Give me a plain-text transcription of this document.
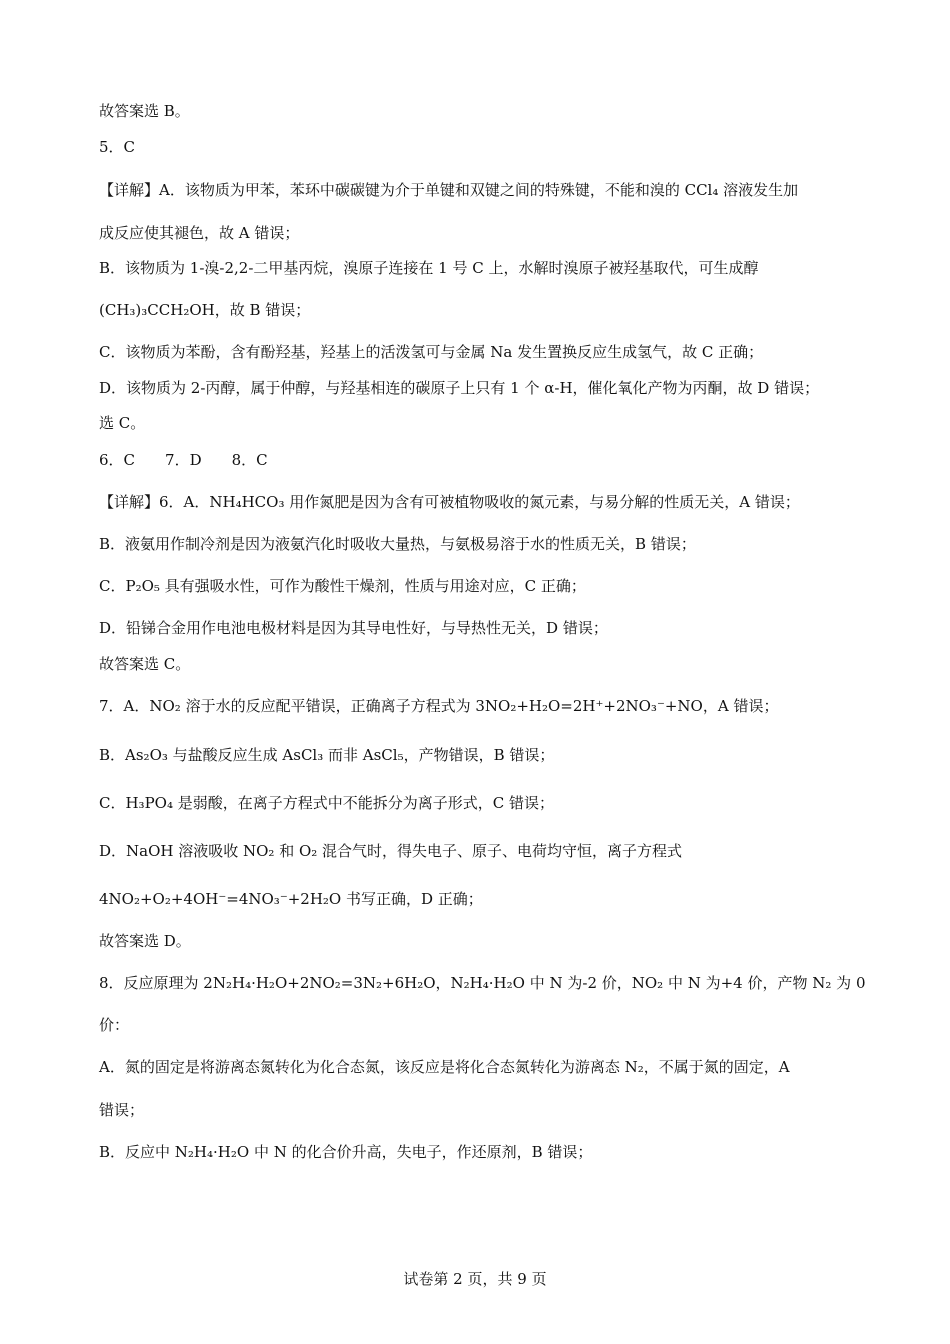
故答案选 B。
5．C
【详解】A．该物质为甲苯，苯环中碳碳键为介于单键和双键之间的特殊键，不能和溴的 CCl₄ 溶液发生加
成反应使其褪色，故 A 错误；
B．该物质为 1-溴-2,2-二甲基丙烷，溴原子连接在 1 号 C 上，水解时溴原子被羟基取代，可生成醇
(CH₃)₃CCH₂OH，故 B 错误；
C．该物质为苯酚，含有酚羟基，羟基上的活泼氢可与金属 Na 发生置换反应生成氢气，故 C 正确；
D．该物质为 2-丙醇，属于仲醇，与羟基相连的碳原子上只有 1 个 α-H，催化氧化产物为丙酮，故 D 错误；
选 C。
6．C　　7．D　　8．C
【详解】6．A．NH₄HCO₃ 用作氮肥是因为含有可被植物吸收的氮元素，与易分解的性质无关，A 错误；
B．液氨用作制冷剂是因为液氨汽化时吸收大量热，与氨极易溶于水的性质无关，B 错误；
C．P₂O₅ 具有强吸水性，可作为酸性干燥剂，性质与用途对应，C 正确；
D．铅锑合金用作电池电极材料是因为其导电性好，与导热性无关，D 错误；
故答案选 C。
7．A．NO₂ 溶于水的反应配平错误，正确离子方程式为 3NO₂+H₂O=2H⁺+2NO₃⁻+NO，A 错误；
B．As₂O₃ 与盐酸反应生成 AsCl₃ 而非 AsCl₅，产物错误，B 错误；
C．H₃PO₄ 是弱酸，在离子方程式中不能拆分为离子形式，C 错误；
D．NaOH 溶液吸收 NO₂ 和 O₂ 混合气时，得失电子、原子、电荷均守恒，离子方程式
4NO₂+O₂+4OH⁻=4NO₃⁻+2H₂O 书写正确，D 正确；
故答案选 D。
8．反应原理为 2N₂H₄·H₂O+2NO₂=3N₂+6H₂O，N₂H₄·H₂O 中 N 为-2 价，NO₂ 中 N 为+4 价，产物 N₂ 为 0
价：
A．氮的固定是将游离态氮转化为化合态氮，该反应是将化合态氮转化为游离态 N₂，不属于氮的固定，A
错误；
B．反应中 N₂H₄·H₂O 中 N 的化合价升高，失电子，作还原剂，B 错误；
试卷第 2 页，共 9 页
